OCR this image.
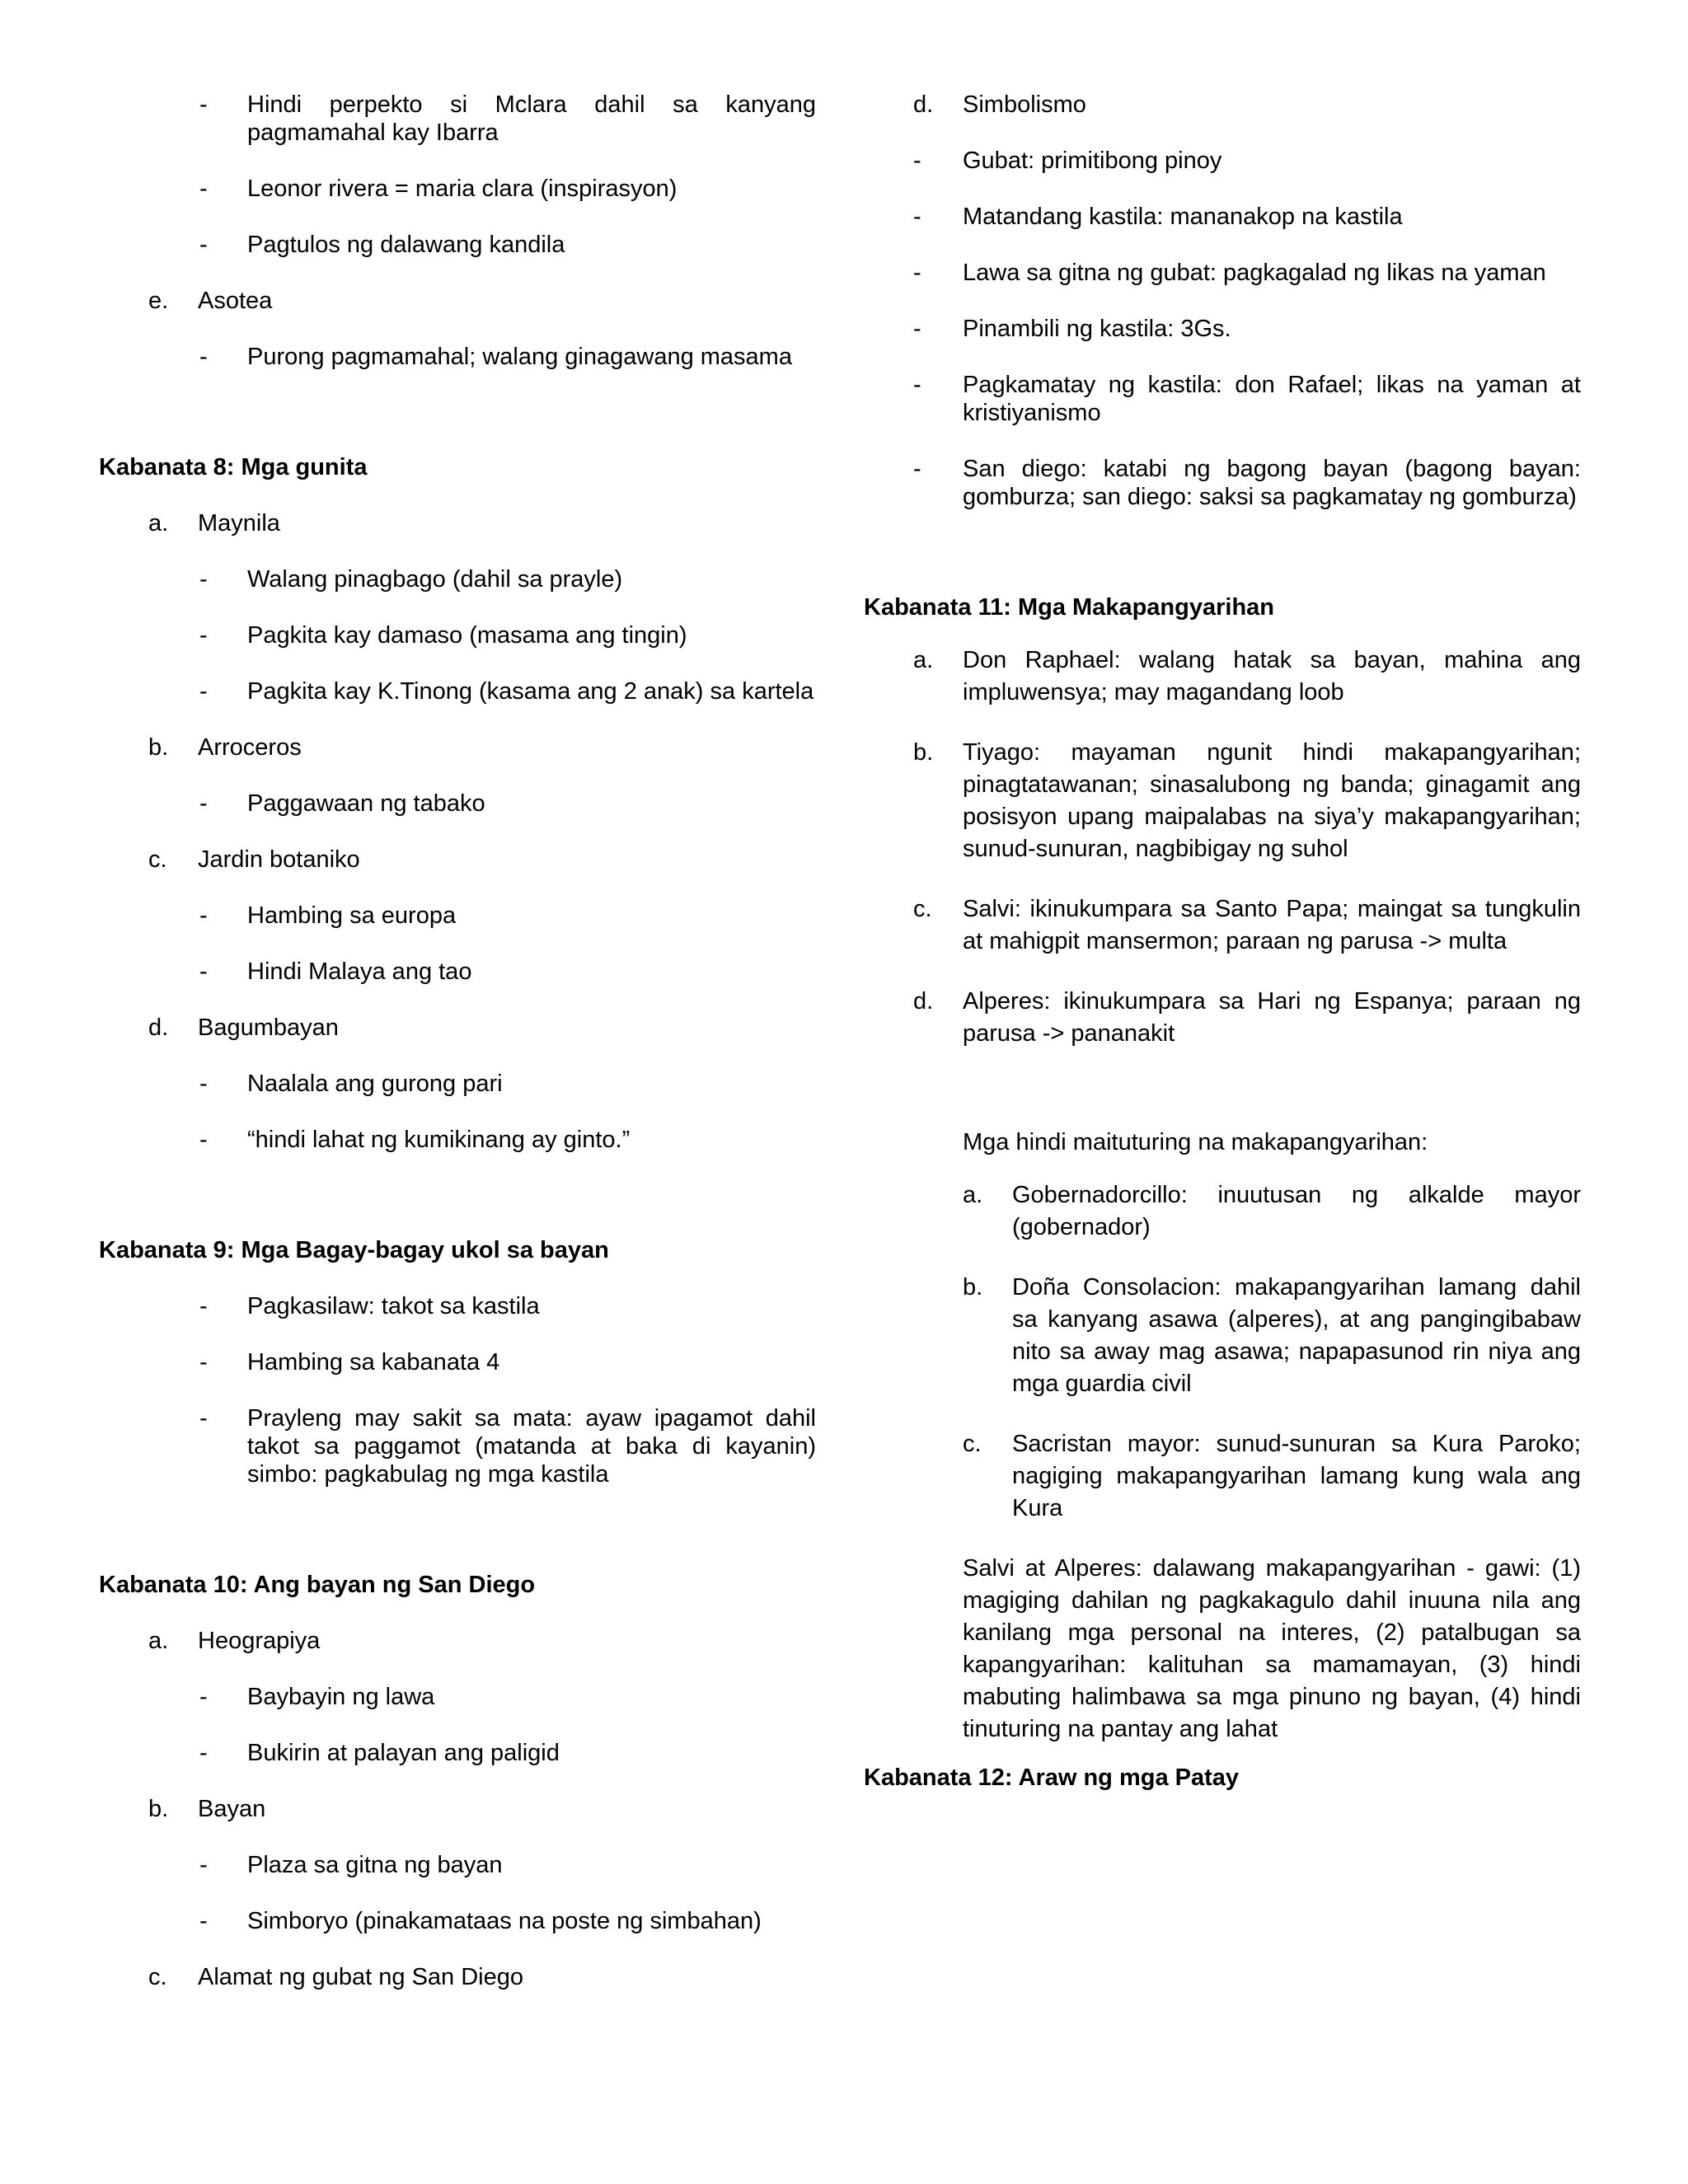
- Hindi perpekto si Mclara dahil sa kanyang pagmamahal kay Ibarra

- Leonor rivera = maria clara (inspirasyon)

- Pagtulos ng dalawang kandila

e. Asotea

- Purong pagmamahal; walang ginagawang masama

Kabanata 8: Mga gunita

a. Maynila

- Walang pinagbago (dahil sa prayle)

- Pagkita kay damaso (masama ang tingin)

- Pagkita kay K.Tinong (kasama ang 2 anak) sa kartela

b. Arroceros

- Paggawaan ng tabako

c. Jardin botaniko

- Hambing sa europa

- Hindi Malaya ang tao

d. Bagumbayan

- Naalala ang gurong pari

- “hindi lahat ng kumikinang ay ginto.”

Kabanata 9: Mga Bagay-bagay ukol sa bayan

- Pagkasilaw: takot sa kastila

- Hambing sa kabanata 4

- Prayleng may sakit sa mata: ayaw ipagamot dahil takot sa paggamot (matanda at baka di kayanin) simbo: pagkabulag ng mga kastila

Kabanata 10: Ang bayan ng San Diego

a. Heograpiya

- Baybayin ng lawa

- Bukirin at palayan ang paligid

b. Bayan

- Plaza sa gitna ng bayan

- Simboryo (pinakamataas na poste ng simbahan)

c. Alamat ng gubat ng San Diego

d. Simbolismo

- Gubat: primitibong pinoy

- Matandang kastila: mananakop na kastila

- Lawa sa gitna ng gubat: pagkagalad ng likas na yaman

- Pinambili ng kastila: 3Gs.

- Pagkamatay ng kastila: don Rafael; likas na yaman at kristiyanismo

- San diego: katabi ng bagong bayan (bagong bayan: gomburza; san diego: saksi sa pagkamatay ng gomburza)

Kabanata 11: Mga Makapangyarihan

a. Don Raphael: walang hatak sa bayan, mahina ang impluwensya; may magandang loob

b. Tiyago: mayaman ngunit hindi makapangyarihan; pinagtatawanan; sinasalubong ng banda; ginagamit ang posisyon upang maipalabas na siya’y makapangyarihan; sunud-sunuran, nagbibigay ng suhol

c. Salvi: ikinukumpara sa Santo Papa; maingat sa tungkulin at mahigpit mansermon; paraan ng parusa -> multa

d. Alperes: ikinukumpara sa Hari ng Espanya; paraan ng parusa -> pananakit

Mga hindi maituturing na makapangyarihan:

a. Gobernadorcillo: inuutusan ng alkalde mayor (gobernador)

b. Doña Consolacion: makapangyarihan lamang dahil sa kanyang asawa (alperes), at ang pangingibabaw nito sa away mag asawa; napapasunod rin niya ang mga guardia civil

c. Sacristan mayor: sunud-sunuran sa Kura Paroko; nagiging makapangyarihan lamang kung wala ang Kura

Salvi at Alperes: dalawang makapangyarihan - gawi: (1) magiging dahilan ng pagkakagulo dahil inuuna nila ang kanilang mga personal na interes, (2) patalbugan sa kapangyarihan: kalituhan sa mamamayan, (3) hindi mabuting halimbawa sa mga pinuno ng bayan, (4) hindi tinuturing na pantay ang lahat

Kabanata 12: Araw ng mga Patay
